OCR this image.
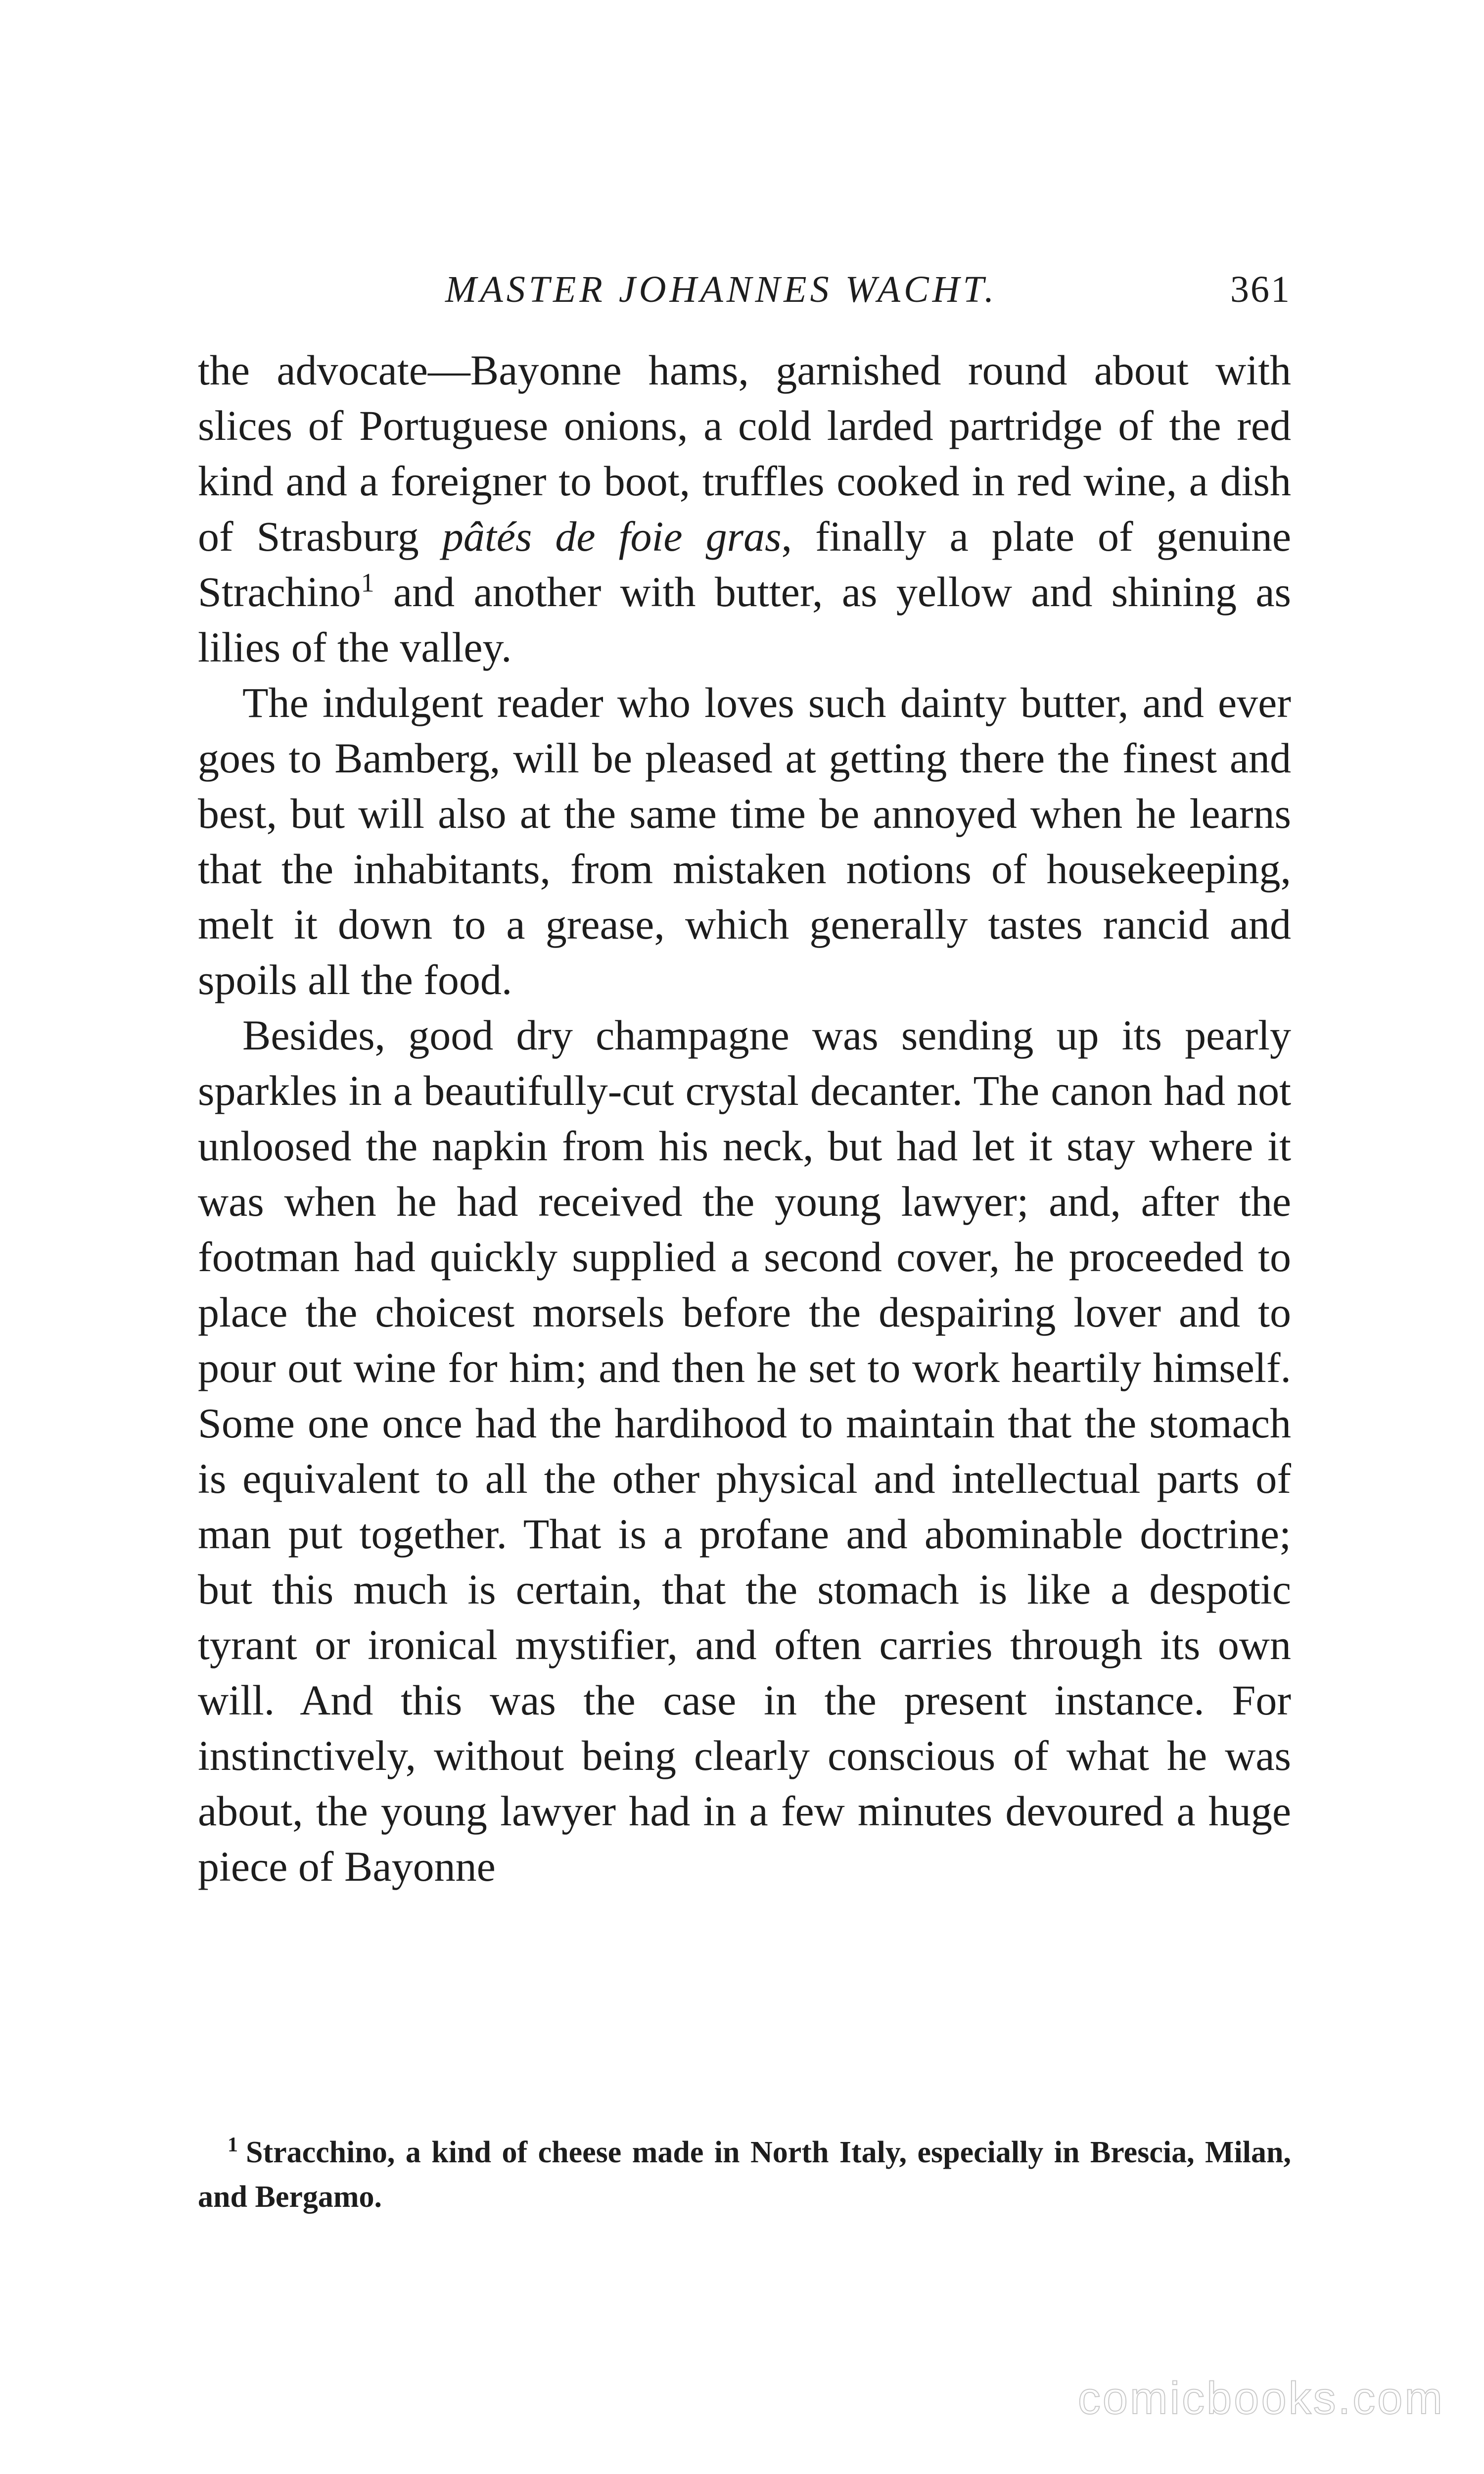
MASTER JOHANNES WACHT.	361

the advocate—Bayonne hams, garnished round about with slices of Portuguese onions, a cold larded partridge of the red kind and a foreigner to boot, truffles cooked in red wine, a dish of Strasburg pâtés de foie gras, finally a plate of genuine Strachino$^1$ and another with butter, as yellow and shining as lilies of the valley.

The indulgent reader who loves such dainty butter, and ever goes to Bamberg, will be pleased at getting there the finest and best, but will also at the same time be annoyed when he learns that the inhabitants, from mistaken notions of housekeeping, melt it down to a grease, which generally tastes rancid and spoils all the food.

Besides, good dry champagne was sending up its pearly sparkles in a beautifully-cut crystal decanter. The canon had not unloosed the napkin from his neck, but had let it stay where it was when he had received the young lawyer; and, after the footman had quickly supplied a second cover, he proceeded to place the choicest morsels before the despairing lover and to pour out wine for him; and then he set to work heartily himself. Some one once had the hardihood to maintain that the stomach is equivalent to all the other physical and intellectual parts of man put together. That is a profane and abominable doctrine; but this much is certain, that the stomach is like a despotic tyrant or ironical mystifier, and often carries through its own will. And this was the case in the present instance. For instinctively, without being clearly conscious of what he was about, the young lawyer had in a few minutes devoured a huge piece of Bayonne

$^1$ Stracchino, a kind of cheese made in North Italy, especially in Brescia, Milan, and Bergamo.
comicbooks.com
